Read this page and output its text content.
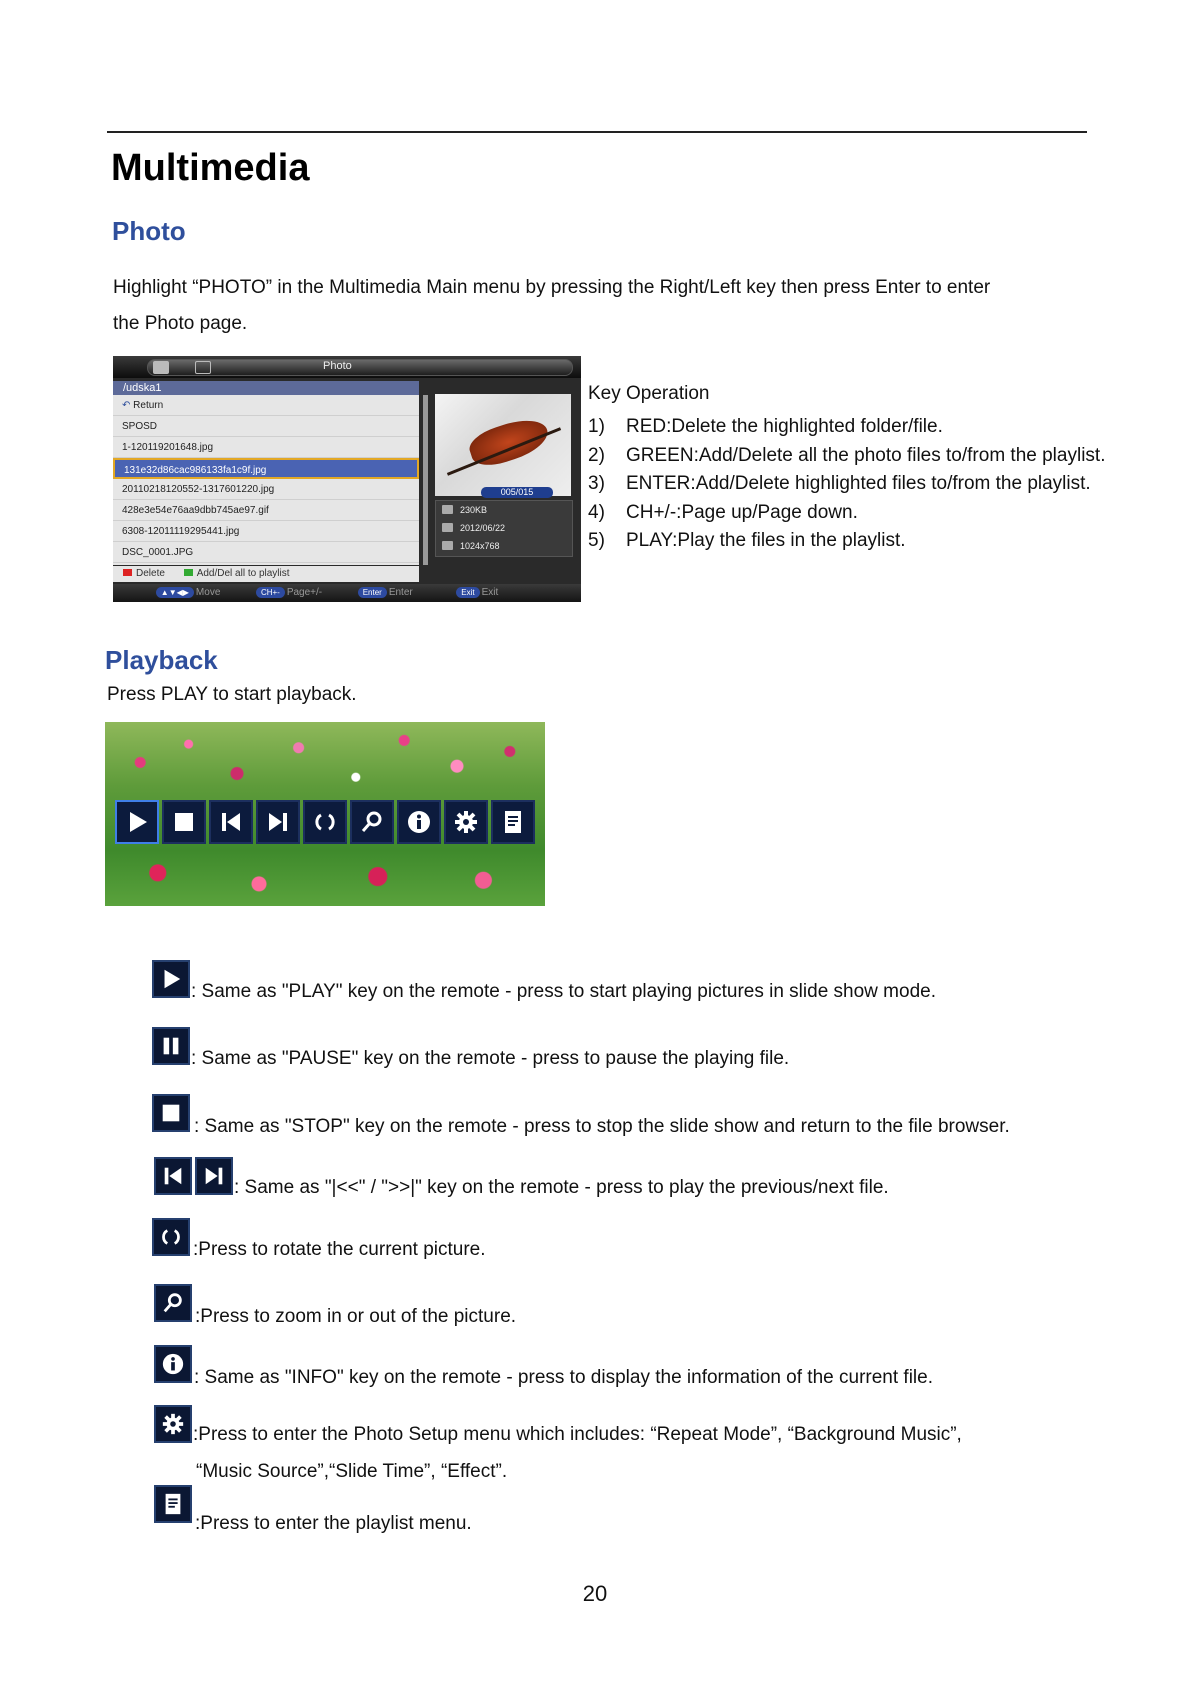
Multimedia
Photo
Highlight “PHOTO” in the Multimedia Main menu by pressing the Right/Left key then press Enter to enter
the Photo page.
Photo
/udska1
↶ Return
SPOSD
1-120119201648.jpg
131e32d86cac986133fa1c9f.jpg
20110218120552-1317601220.jpg
428e3e54e76aa9dbb745ae97.gif
6308-12011119295441.jpg
DSC_0001.JPG
005/015
230KB
2012/06/22
1024x768
Delete	Add/Del all to playlist
▲▼◀▶ Move	CH+- Page+/-	Enter Enter	Exit Exit
Key Operation
1) RED:Delete the highlighted folder/file.
2) GREEN:Add/Delete all the photo files to/from the playlist.
3) ENTER:Add/Delete highlighted files to/from the playlist.
4) CH+/-:Page up/Page down.
5) PLAY:Play the files in the playlist.
Playback
Press PLAY to start playback.
: Same as "PLAY" key on the remote - press to start playing pictures in slide show mode.
: Same as "PAUSE" key on the remote - press to pause the playing file.
: Same as "STOP" key on the remote - press to stop the slide show and return to the file browser.
: Same as "|<<" / ">>|" key on the remote - press to play the previous/next file.
:Press to rotate the current picture.
:Press to zoom in or out of the picture.
: Same as "INFO" key on the remote - press to display the information of the current file.
:Press to enter the Photo Setup menu which includes: “Repeat Mode”, “Background Music”,
“Music Source”,“Slide Time”, “Effect”.
:Press to enter the playlist menu.
20
